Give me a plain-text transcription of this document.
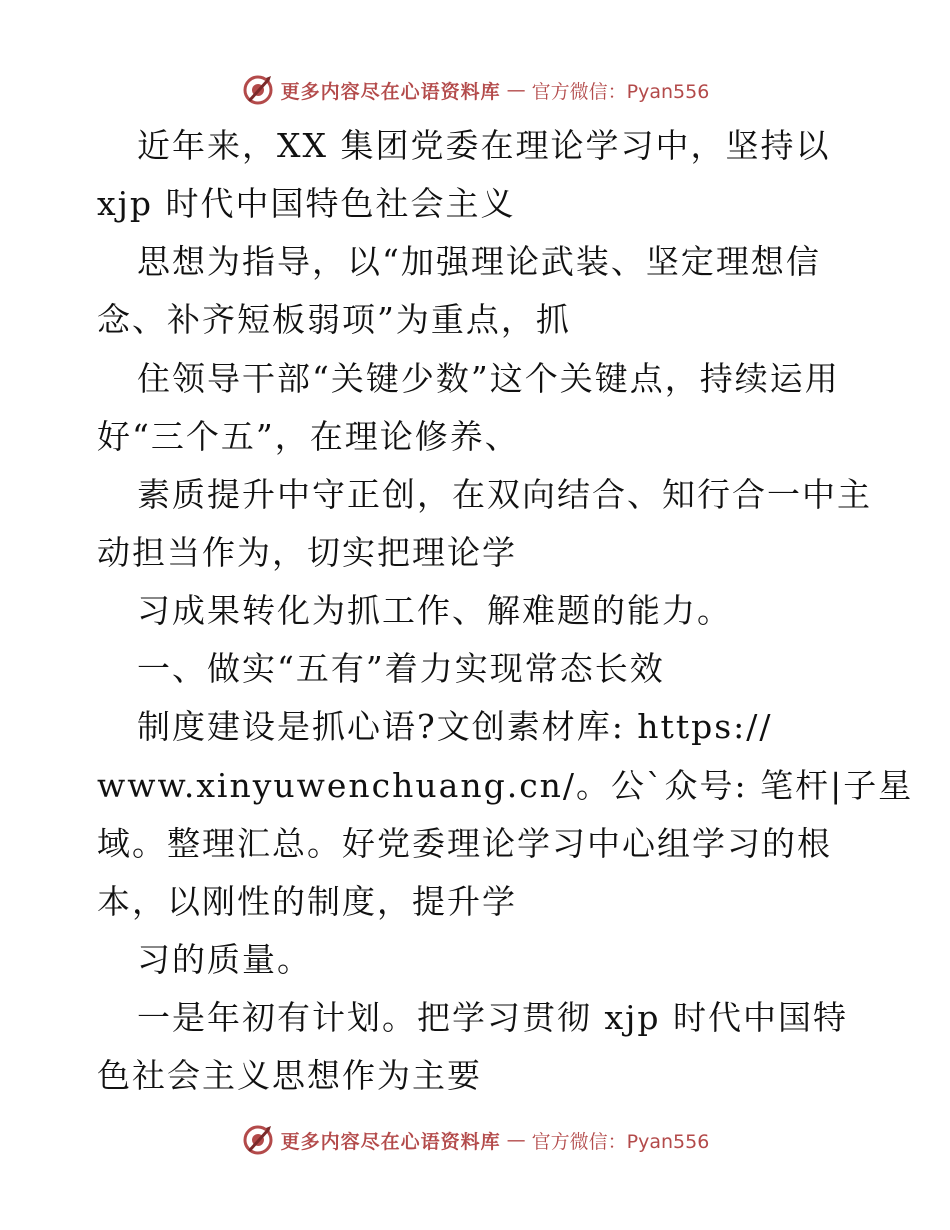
更多内容尽在心语资料库 — 官方微信：Pyan556
近年来，XX 集团党委在理论学习中，坚持以
xjp 时代中国特色社会主义
思想为指导，以“加强理论武装、坚定理想信
念、补齐短板弱项”为重点，抓
住领导干部“关键少数”这个关键点，持续运用
好“三个五”，在理论修养、
素质提升中守正创，在双向结合、知行合一中主
动担当作为，切实把理论学
习成果转化为抓工作、解难题的能力。
一、做实“五有”着力实现常态长效
制度建设是抓心语?文创素材库: https://
www.xinyuwenchuang.cn/。公`众号: 笔杆|子星
域。整理汇总。好党委理论学习中心组学习的根
本，以刚性的制度，提升学
习的质量。
一是年初有计划。把学习贯彻 xjp 时代中国特
色社会主义思想作为主要
更多内容尽在心语资料库 — 官方微信：Pyan556
